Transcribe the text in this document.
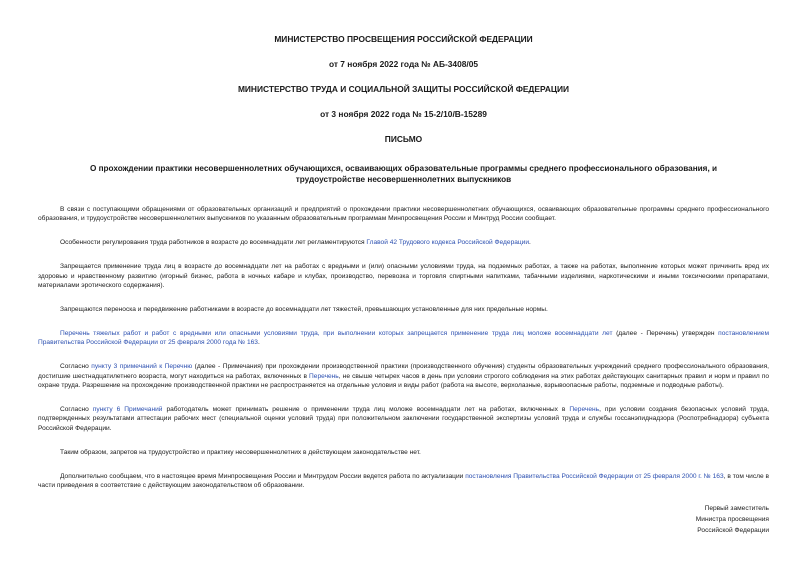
МИНИСТЕРСТВО ПРОСВЕЩЕНИЯ РОССИЙСКОЙ ФЕДЕРАЦИИ

от 7 ноября 2022 года № АБ-3408/05

МИНИСТЕРСТВО ТРУДА И СОЦИАЛЬНОЙ ЗАЩИТЫ РОССИЙСКОЙ ФЕДЕРАЦИИ

от 3 ноября 2022 года № 15-2/10/В-15289

ПИСЬМО

О прохождении практики несовершеннолетних обучающихся, осваивающих образовательные программы среднего профессионального образования, и трудоустройстве несовершеннолетних выпускников

В связи с поступающими обращениями от образовательных организаций и предприятий о прохождении практики несовершеннолетних обучающихся, осваивающих образовательные программы среднего профессионального образования, и трудоустройстве несовершеннолетних выпускников по указанным образовательным программам Минпросвещения России и Минтруд России сообщает.

Особенности регулирования труда работников в возрасте до восемнадцати лет регламентируются Главой 42 Трудового кодекса Российской Федерации.

Запрещается применение труда лиц в возрасте до восемнадцати лет на работах с вредными и (или) опасными условиями труда, на подземных работах, а также на работах, выполнение которых может причинить вред их здоровью и нравственному развитию (игорный бизнес, работа в ночных кабаре и клубах, производство, перевозка и торговля спиртными напитками, табачными изделиями, наркотическими и иными токсическими препаратами, материалами эротического содержания).

Запрещаются переноска и передвижение работниками в возрасте до восемнадцати лет тяжестей, превышающих установленные для них предельные нормы.

Перечень тяжелых работ и работ с вредными или опасными условиями труда, при выполнении которых запрещается применение труда лиц моложе восемнадцати лет (далее - Перечень) утвержден постановлением Правительства Российской Федерации от 25 февраля 2000 года № 163.

Согласно пункту 3 примечаний к Перечню (далее - Примечания) при прохождении производственной практики (производственного обучения) студенты образовательных учреждений среднего профессионального образования, достигшие шестнадцатилетнего возраста, могут находиться на работах, включенных в Перечень, не свыше четырех часов в день при условии строгого соблюдения на этих работах действующих санитарных правил и норм и правил по охране труда. Разрешение на прохождение производственной практики не распространяется на отдельные условия и виды работ (работа на высоте, верхолазные, взрывоопасные работы, подземные и подводные работы).

Согласно пункту 6 Примечаний работодатель может принимать решение о применении труда лиц моложе восемнадцати лет на работах, включенных в Перечень, при условии создания безопасных условий труда, подтвержденных результатами аттестации рабочих мест (специальной оценки условий труда) при положительном заключении государственной экспертизы условий труда и службы госсанэпиднадзора (Роспотребнадзора) субъекта Российской Федерации.

Таким образом, запретов на трудоустройство и практику несовершеннолетних в действующем законодательстве нет.

Дополнительно сообщаем, что в настоящее время Минпросвещения России и Минтрудом России ведется работа по актуализации постановления Правительства Российской Федерации от 25 февраля 2000 г. № 163, в том числе в части приведения в соответствие с действующим законодательством об образовании.

Первый заместитель
Министра просвещения
Российской Федерации
